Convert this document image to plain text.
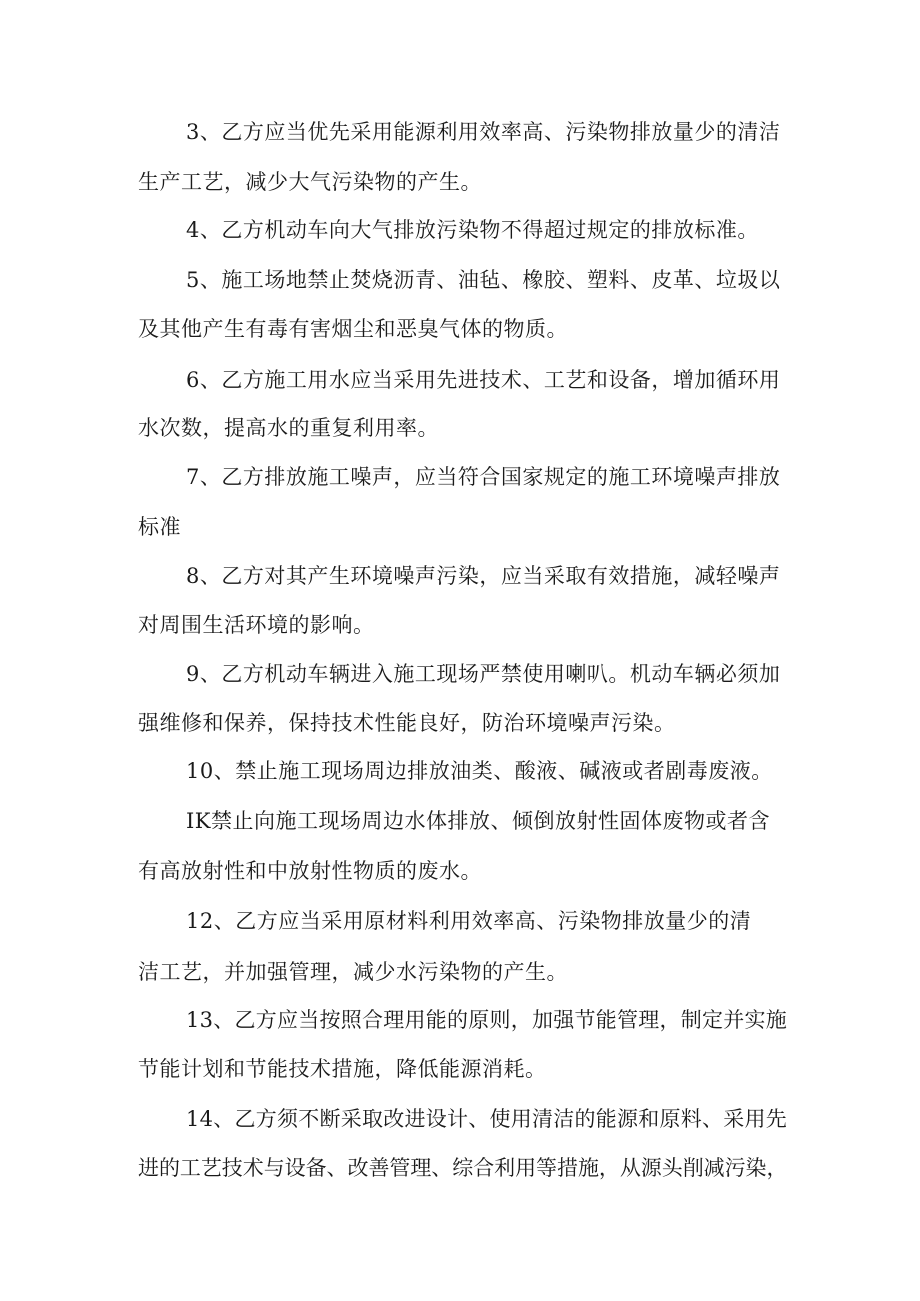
3、乙方应当优先采用能源利用效率高、污染物排放量少的清洁

生产工艺，减少大气污染物的产生。

4、乙方机动车向大气排放污染物不得超过规定的排放标准。

5、施工场地禁止焚烧沥青、油毡、橡胶、塑料、皮革、垃圾以

及其他产生有毒有害烟尘和恶臭气体的物质。

6、乙方施工用水应当采用先进技术、工艺和设备，增加循环用

水次数，提高水的重复利用率。

7、乙方排放施工噪声，应当符合国家规定的施工环境噪声排放

标准

8、乙方对其产生环境噪声污染，应当采取有效措施，减轻噪声

对周围生活环境的影响。

9、乙方机动车辆进入施工现场严禁使用喇叭。机动车辆必须加

强维修和保养，保持技术性能良好，防治环境噪声污染。

10、禁止施工现场周边排放油类、酸液、碱液或者剧毒废液。

IK禁止向施工现场周边水体排放、倾倒放射性固体废物或者含

有高放射性和中放射性物质的废水。

12、乙方应当采用原材料利用效率高、污染物排放量少的清

洁工艺，并加强管理，减少水污染物的产生。

13、乙方应当按照合理用能的原则，加强节能管理，制定并实施

节能计划和节能技术措施，降低能源消耗。

14、乙方须不断采取改进设计、使用清洁的能源和原料、采用先

进的工艺技术与设备、改善管理、综合利用等措施，从源头削减污染，
